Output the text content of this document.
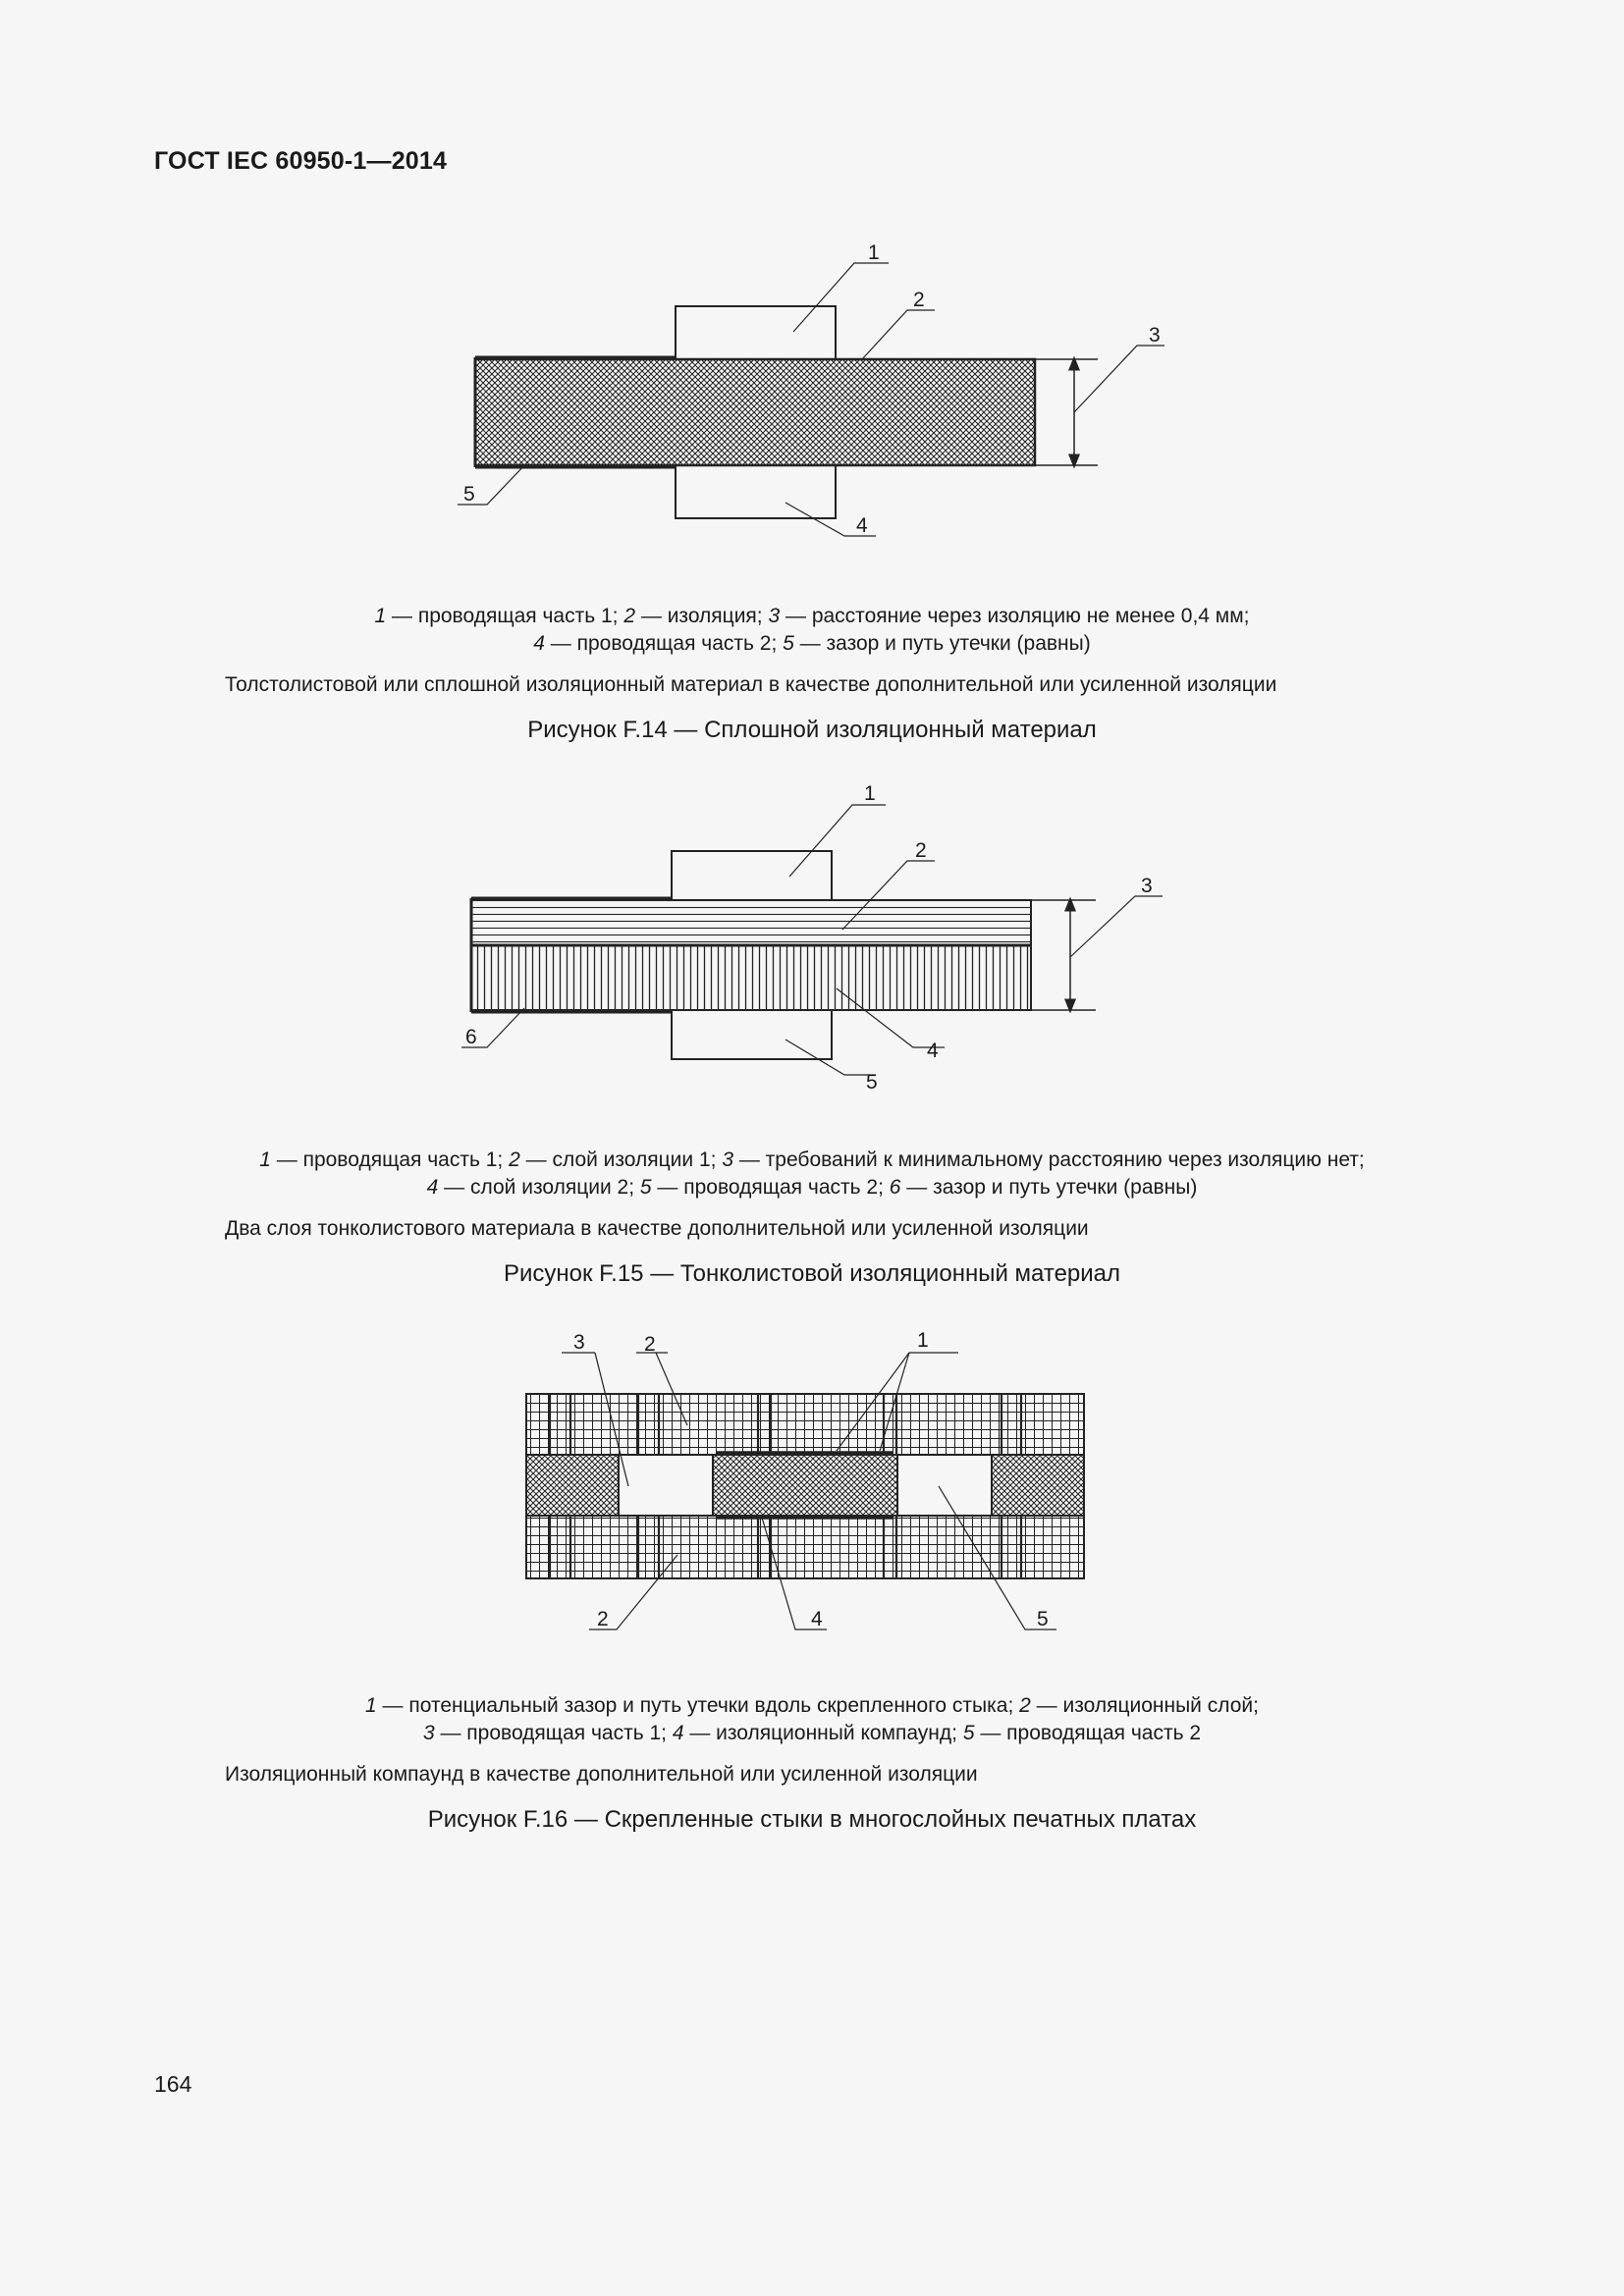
ГОСТ IEC 60950-1—2014
1
2
3
4
5
1 — проводящая часть 1; 2 — изоляция; 3 — расстояние через изоляцию не менее 0,4 мм;
4 — проводящая часть 2; 5 — зазор и путь утечки (равны)
Толстолистовой или сплошной изоляционный материал в качестве дополнительной или усиленной изоляции
Рисунок F.14 — Сплошной изоляционный материал
1
2
3
4
5
6
1 — проводящая часть 1; 2 — слой изоляции 1; 3 — требований к минимальному расстоянию через изоляцию нет;
4 — слой изоляции 2; 5 — проводящая часть 2; 6 — зазор и путь утечки (равны)
Два слоя тонколистового материала в качестве дополнительной или усиленной изоляции
Рисунок F.15 — Тонколистовой изоляционный материал
3	2	1
2	4	5
1 — потенциальный зазор и путь утечки вдоль скрепленного стыка; 2 — изоляционный слой;
3 — проводящая часть 1; 4 — изоляционный компаунд; 5 — проводящая часть 2
Изоляционный компаунд в качестве дополнительной или усиленной изоляции
Рисунок F.16 — Скрепленные стыки в многослойных печатных платах
164
